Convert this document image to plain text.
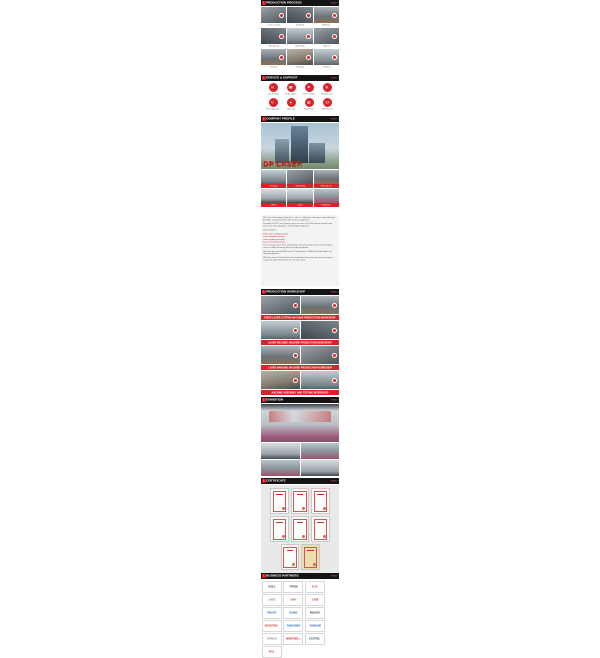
1 PRODUCTION PROCESS	more >
Laser Cutting	Bending	Welding
Machining	Assembly	Wiring
Testing	Painting	Packing
2 SERVICE & SUPPORT	more >
✉
Quick Reply
☎
Tech Support
⚑
Free Training
⚙
Maintenance
↻
Free Upgrade
★
Warranty
▤
Spare Parts
24
24H Service
3 COMPANY PROFILE	more >
DP LASER
Factory	Workshop	Warehouse
Office	Team	Exhibition

DP Laser Technology (Jinan) Co., Ltd. is a high-tech enterprise specializing in the R&D, production and sales of laser equipment.

Founded in 2012, our factory covers an area of 20,000 square meters with more than 200 employees and 30 R&D engineers.

Main products:

Fiber laser cutting machine

Laser welding machine

Laser marking machine

Laser cleaning machine

Our machines have been exported to more than 120 countries and regions, such as USA, Germany, Russia, India and Brazil.

We have passed ISO9001 and CE certification. OEM and ODM orders are warmly welcome.

With the tenet of Quality First and Customer Supreme, we sincerely hope to cooperate with friends from all over the world.

4 PRODUCTION WORKSHOP	more >
FIBER LASER CUTTING MACHINE PRODUCTION WORKSHOP
LASER WELDING MACHINE PRODUCTION WORKSHOP
LASER MARKING MACHINE PRODUCTION WORKSHOP
MACHINE ASSEMBLY AND TESTING WORKSHOP
5 EXHIBITION	more >
6 CERTIFICATE	more >
7 BUSINESS PARTNERS	more >
TESLA FOTON ALFA
LINDE	SANY	CASE
PHILIPS DAIKIN KOHLER
DONGFENG PANASONIC SAMSUNG
HITACHI HONEYWELL CASTROL
FUJI
